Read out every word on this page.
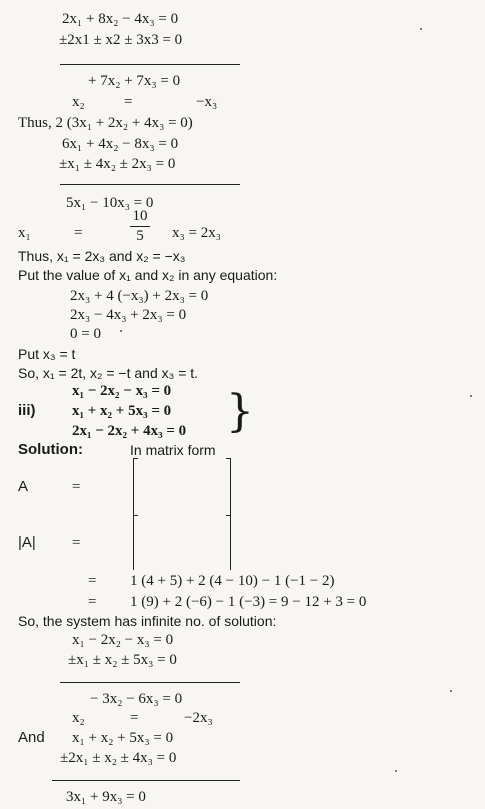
2x₁ + 8x₂ − 4x₃ = 0
±2x1 ± x2 ± 3x3 = 0
+ 7x₂ + 7x₃ = 0
x₂	=	−x₃
Thus, 2 (3x₁ + 2x₂ + 4x₃ = 0)
6x₁ + 4x₂ − 8x₃ = 0
±x₁ ± 4x₂ ± 2x₃ = 0
5x₁ − 10x₃ = 0
x₁	=
10
5	x₃ = 2x₃
Thus, x₁ = 2x₃ and x₂ = −x₃
Put the value of x₁ and x₂ in any equation:
2x₃ + 4 (−x₃) + 2x₃ = 0
2x₃ − 4x₃ + 2x₃ = 0
0 = 0
Put x₃ = t
So, x₁ = 2t, x₂ = −t and x₃ = t.
x₁ − 2x₂ − x₃ = 0
iii) x₁ + x₂ + 5x₃ = 0
2x₁ − 2x₂ + 4x₃ = 0 }
Solution:	In matrix form
A	=
|A| =
= 1 (4 + 5) + 2 (4 − 10) − 1 (−1 − 2)
= 1 (9) + 2 (−6) − 1 (−3) = 9 − 12 + 3 = 0
So, the system has infinite no. of solution:
x₁ − 2x₂ − x₃ = 0
±x₁ ± x₂ ± 5x₃ = 0
− 3x₂ − 6x₃ = 0
x₂	=	−2x₃
And x₁ + x₂ + 5x₃ = 0
±2x₁ ± x₂ ± 4x₃ = 0
3x₁ + 9x₃ = 0
